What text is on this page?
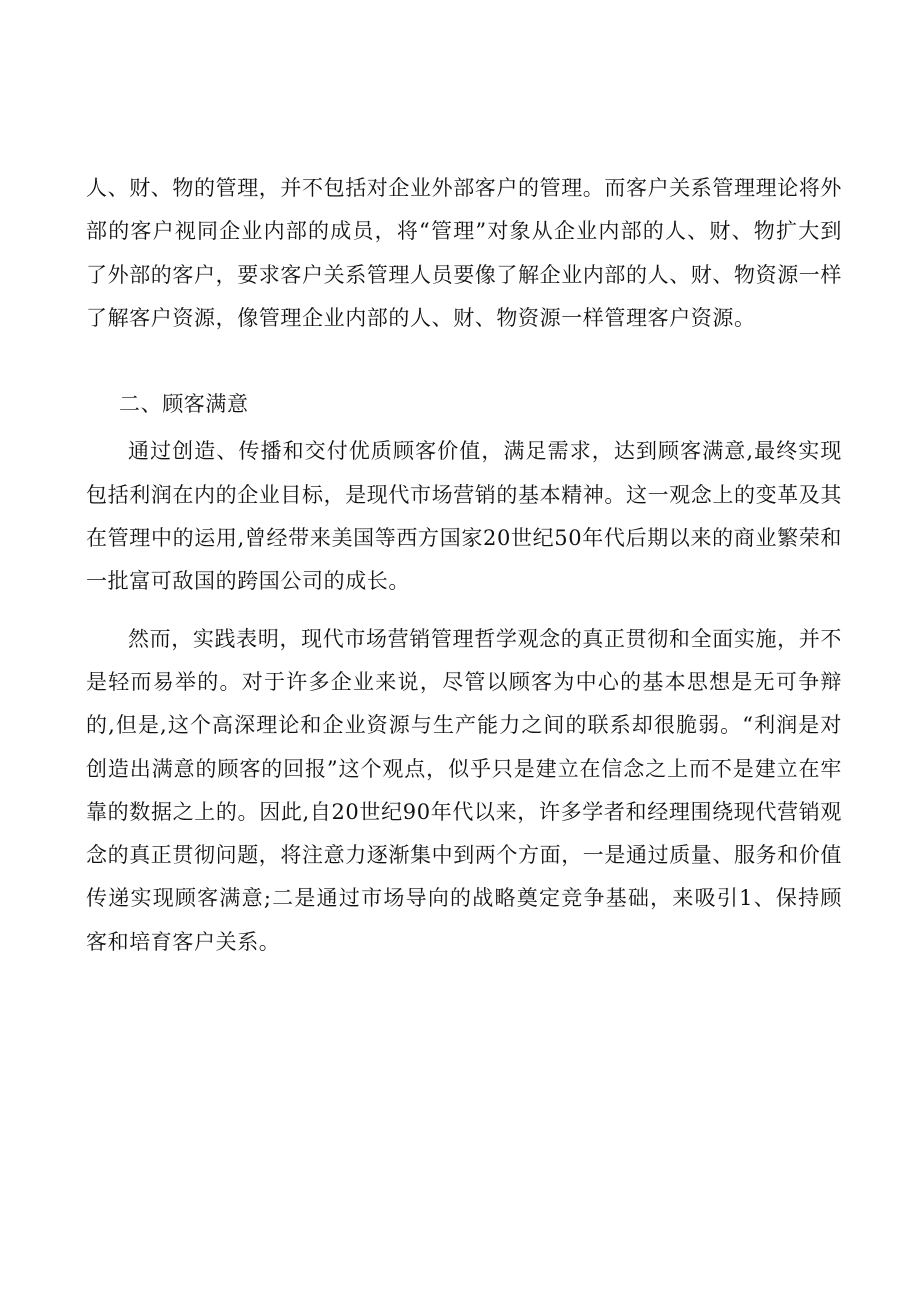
人、财、物的管理，并不包括对企业外部客户的管理。而客户关系管理理论将外部的客户视同企业内部的成员，将“管理”对象从企业内部的人、财、物扩大到了外部的客户，要求客户关系管理人员要像了解企业内部的人、财、物资源一样了解客户资源，像管理企业内部的人、财、物资源一样管理客户资源。

二、顾客满意

通过创造、传播和交付优质顾客价值，满足需求，达到顾客满意,最终实现包括利润在内的企业目标，是现代市场营销的基本精神。这一观念上的变革及其在管理中的运用,曾经带来美国等西方国家20世纪50年代后期以来的商业繁荣和一批富可敌国的跨国公司的成长。

然而，实践表明，现代市场营销管理哲学观念的真正贯彻和全面实施，并不是轻而易举的。对于许多企业来说，尽管以顾客为中心的基本思想是无可争辩的,但是,这个高深理论和企业资源与生产能力之间的联系却很脆弱。“利润是对创造出满意的顾客的回报”这个观点，似乎只是建立在信念之上而不是建立在牢靠的数据之上的。因此,自20世纪90年代以来，许多学者和经理围绕现代营销观念的真正贯彻问题，将注意力逐渐集中到两个方面，一是通过质量、服务和价值传递实现顾客满意;二是通过市场导向的战略奠定竞争基础，来吸引1、保持顾客和培育客户关系。
